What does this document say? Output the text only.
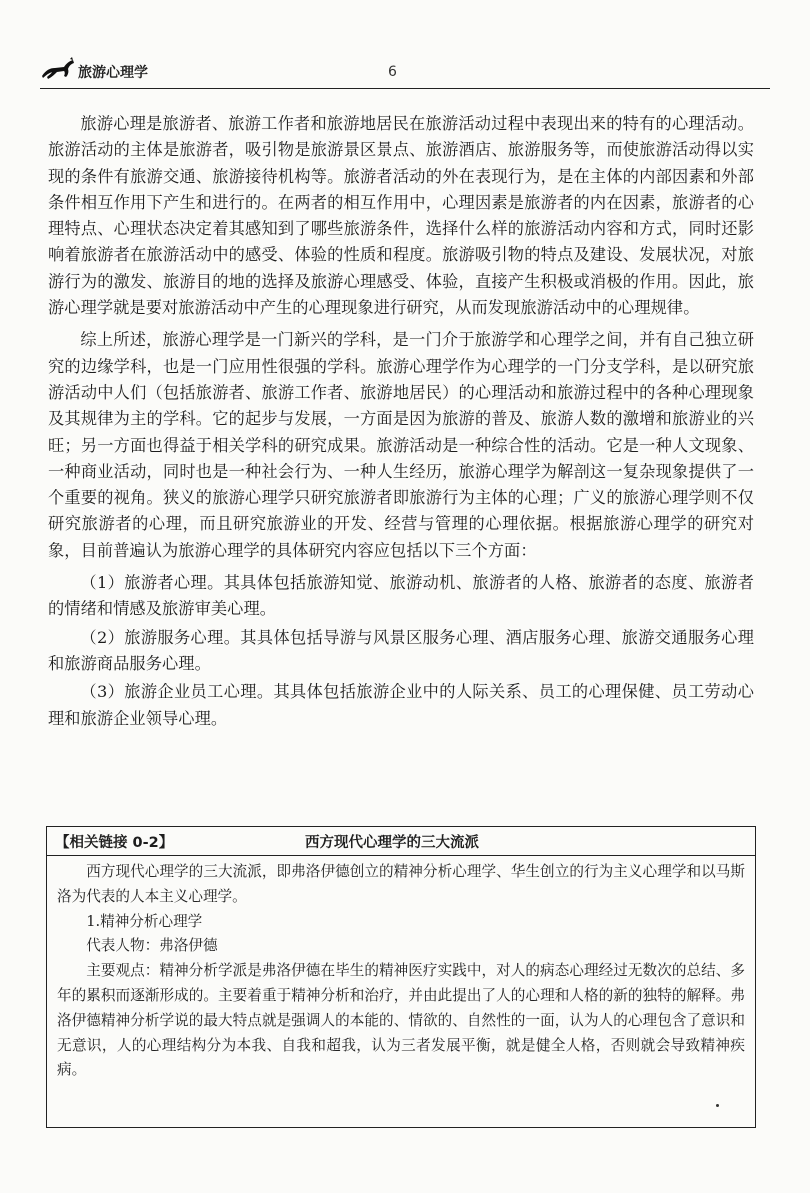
旅游心理学	6

旅游心理是旅游者、旅游工作者和旅游地居民在旅游活动过程中表现出来的特有的心理活动。旅游活动的主体是旅游者，吸引物是旅游景区景点、旅游酒店、旅游服务等，而使旅游活动得以实现的条件有旅游交通、旅游接待机构等。旅游者活动的外在表现行为，是在主体的内部因素和外部条件相互作用下产生和进行的。在两者的相互作用中，心理因素是旅游者的内在因素，旅游者的心理特点、心理状态决定着其感知到了哪些旅游条件，选择什么样的旅游活动内容和方式，同时还影响着旅游者在旅游活动中的感受、体验的性质和程度。旅游吸引物的特点及建设、发展状况，对旅游行为的激发、旅游目的地的选择及旅游心理感受、体验，直接产生积极或消极的作用。因此，旅游心理学就是要对旅游活动中产生的心理现象进行研究，从而发现旅游活动中的心理规律。

综上所述，旅游心理学是一门新兴的学科，是一门介于旅游学和心理学之间，并有自己独立研究的边缘学科，也是一门应用性很强的学科。旅游心理学作为心理学的一门分支学科，是以研究旅游活动中人们（包括旅游者、旅游工作者、旅游地居民）的心理活动和旅游过程中的各种心理现象及其规律为主的学科。它的起步与发展，一方面是因为旅游的普及、旅游人数的激增和旅游业的兴旺；另一方面也得益于相关学科的研究成果。旅游活动是一种综合性的活动。它是一种人文现象、一种商业活动，同时也是一种社会行为、一种人生经历，旅游心理学为解剖这一复杂现象提供了一个重要的视角。狭义的旅游心理学只研究旅游者即旅游行为主体的心理；广义的旅游心理学则不仅研究旅游者的心理，而且研究旅游业的开发、经营与管理的心理依据。根据旅游心理学的研究对象，目前普遍认为旅游心理学的具体研究内容应包括以下三个方面：

（1）旅游者心理。其具体包括旅游知觉、旅游动机、旅游者的人格、旅游者的态度、旅游者的情绪和情感及旅游审美心理。

（2）旅游服务心理。其具体包括导游与风景区服务心理、酒店服务心理、旅游交通服务心理和旅游商品服务心理。

（3）旅游企业员工心理。其具体包括旅游企业中的人际关系、员工的心理保健、员工劳动心理和旅游企业领导心理。

【相关链接 0-2】	西方现代心理学的三大流派

西方现代心理学的三大流派，即弗洛伊德创立的精神分析心理学、华生创立的行为主义心理学和以马斯洛为代表的人本主义心理学。

1.精神分析心理学

代表人物：弗洛伊德

主要观点：精神分析学派是弗洛伊德在毕生的精神医疗实践中，对人的病态心理经过无数次的总结、多年的累积而逐渐形成的。主要着重于精神分析和治疗，并由此提出了人的心理和人格的新的独特的解释。弗洛伊德精神分析学说的最大特点就是强调人的本能的、情欲的、自然性的一面，认为人的心理包含了意识和无意识，人的心理结构分为本我、自我和超我，认为三者发展平衡，就是健全人格，否则就会导致精神疾病。
